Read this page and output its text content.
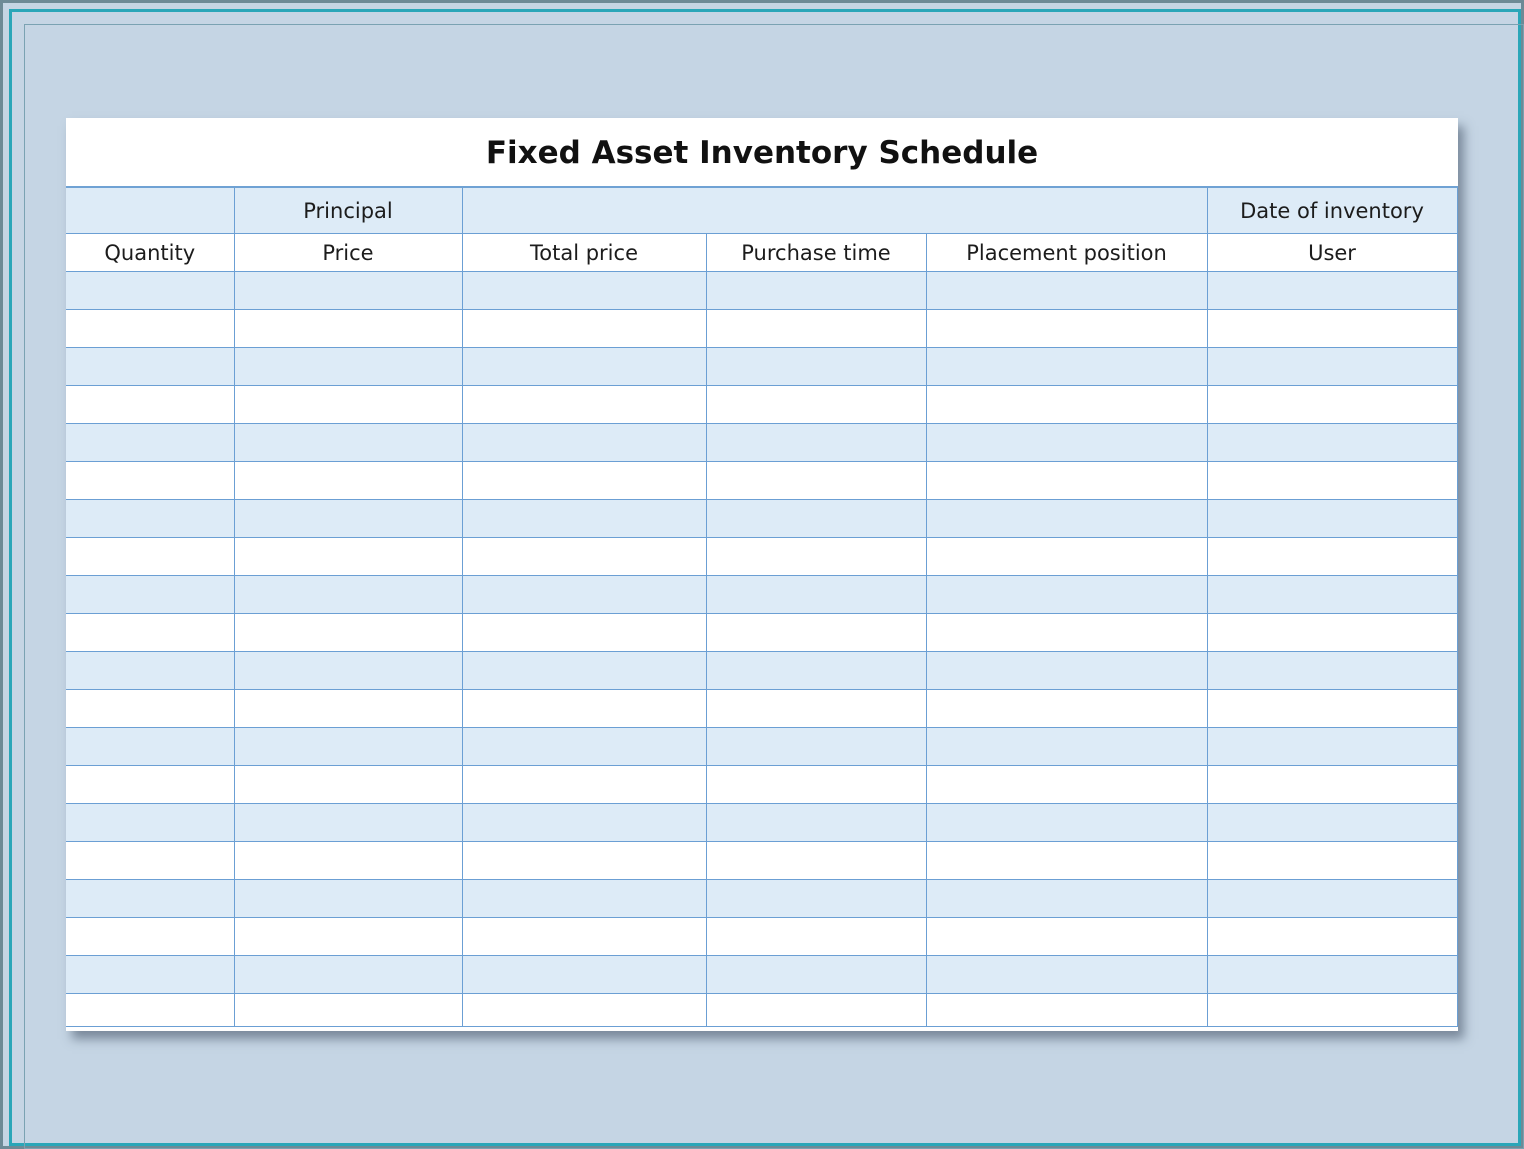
Fixed Asset Inventory Schedule
	Principal				Date of inventory
Quantity	Price	Total price	Purchase time	Placement position	User
